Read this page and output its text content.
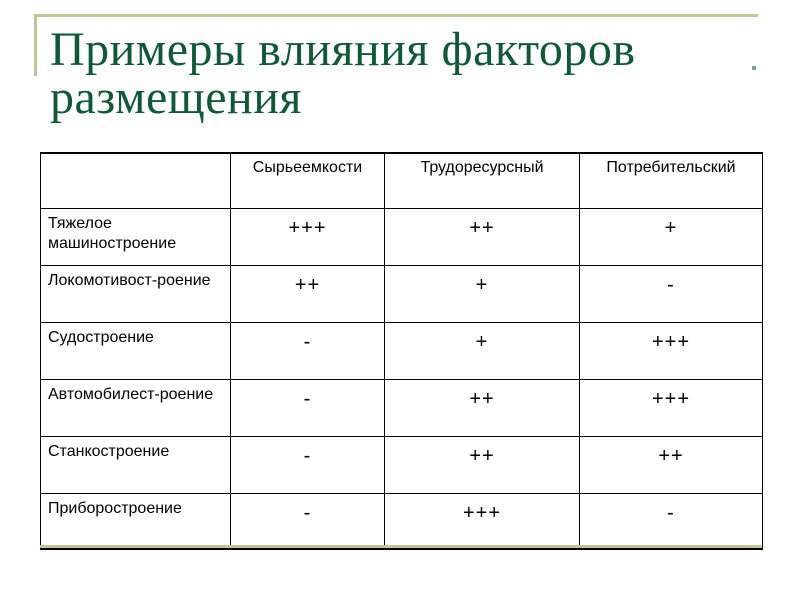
Примеры влияния факторов
размещения
	Сырьеемкости	Трудоресурсный	Потребительский
Тяжелое машиностроение	+++	++	+
Локомотивост-роение	++	+	-
Судостроение	-	+	+++
Автомобилест-роение	-	++	+++
Станкостроение	-	++	++
Приборостроение	-	+++	-
